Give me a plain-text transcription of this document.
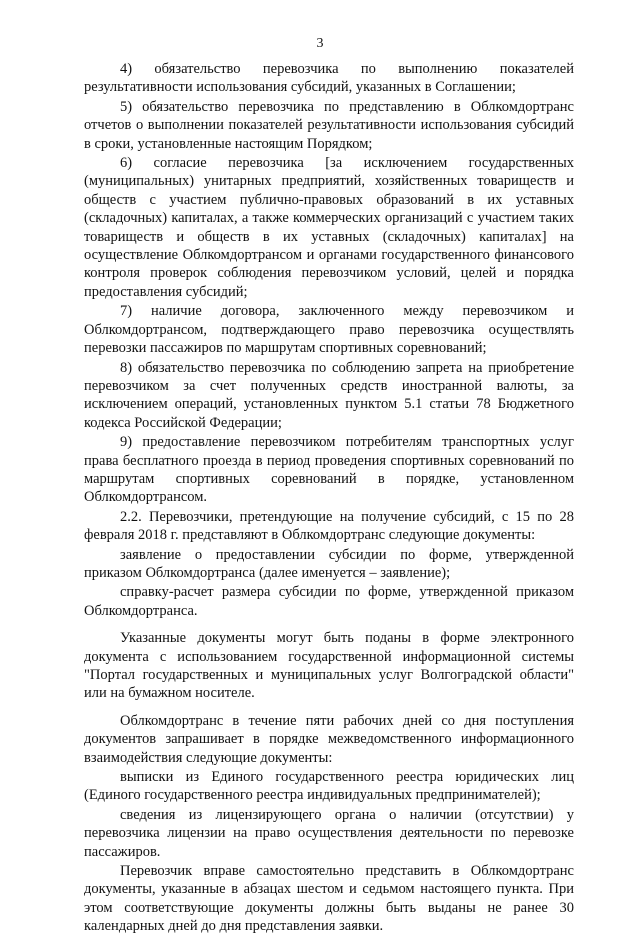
3

4) обязательство перевозчика по выполнению показателей результативности использования субсидий, указанных в Соглашении;

5) обязательство перевозчика по представлению в Облкомдортранс отчетов о выполнении показателей результативности использования субсидий в сроки, установленные настоящим Порядком;

6) согласие перевозчика [за исключением государственных (муниципальных) унитарных предприятий, хозяйственных товариществ и обществ с участием публично-правовых образований в их уставных (складочных) капиталах, а также коммерческих организаций с участием таких товариществ и обществ в их уставных (складочных) капиталах] на осуществление Облкомдортрансом и органами государственного финансового контроля проверок соблюдения перевозчиком условий, целей и порядка предоставления субсидий;

7) наличие договора, заключенного между перевозчиком и Облкомдортрансом, подтверждающего право перевозчика осуществлять перевозки пассажиров по маршрутам спортивных соревнований;

8) обязательство перевозчика по соблюдению запрета на приобретение перевозчиком за счет полученных средств иностранной валюты, за исключением операций, установленных пунктом 5.1 статьи 78 Бюджетного кодекса Российской Федерации;

9) предоставление перевозчиком потребителям транспортных услуг права бесплатного проезда в период проведения спортивных соревнований по маршрутам спортивных соревнований в порядке, установленном Облкомдортрансом.

2.2. Перевозчики, претендующие на получение субсидий, с 15 по 28 февраля 2018 г. представляют в Облкомдортранс следующие документы:

заявление о предоставлении субсидии по форме, утвержденной приказом Облкомдортранса (далее именуется – заявление);

справку-расчет размера субсидии по форме, утвержденной приказом Облкомдортранса.

Указанные документы могут быть поданы в форме электронного документа с использованием государственной информационной системы "Портал государственных и муниципальных услуг Волгоградской области" или на бумажном носителе.

Облкомдортранс в течение пяти рабочих дней со дня поступления документов запрашивает в порядке межведомственного информационного взаимодействия следующие документы:

выписки из Единого государственного реестра юридических лиц (Единого государственного реестра индивидуальных предпринимателей);

сведения из лицензирующего органа о наличии (отсутствии) у перевозчика лицензии на право осуществления деятельности по перевозке пассажиров.

Перевозчик вправе самостоятельно представить в Облкомдортранс документы, указанные в абзацах шестом и седьмом настоящего пункта. При этом соответствующие документы должны быть выданы не ранее 30 календарных дней до дня представления заявки.
